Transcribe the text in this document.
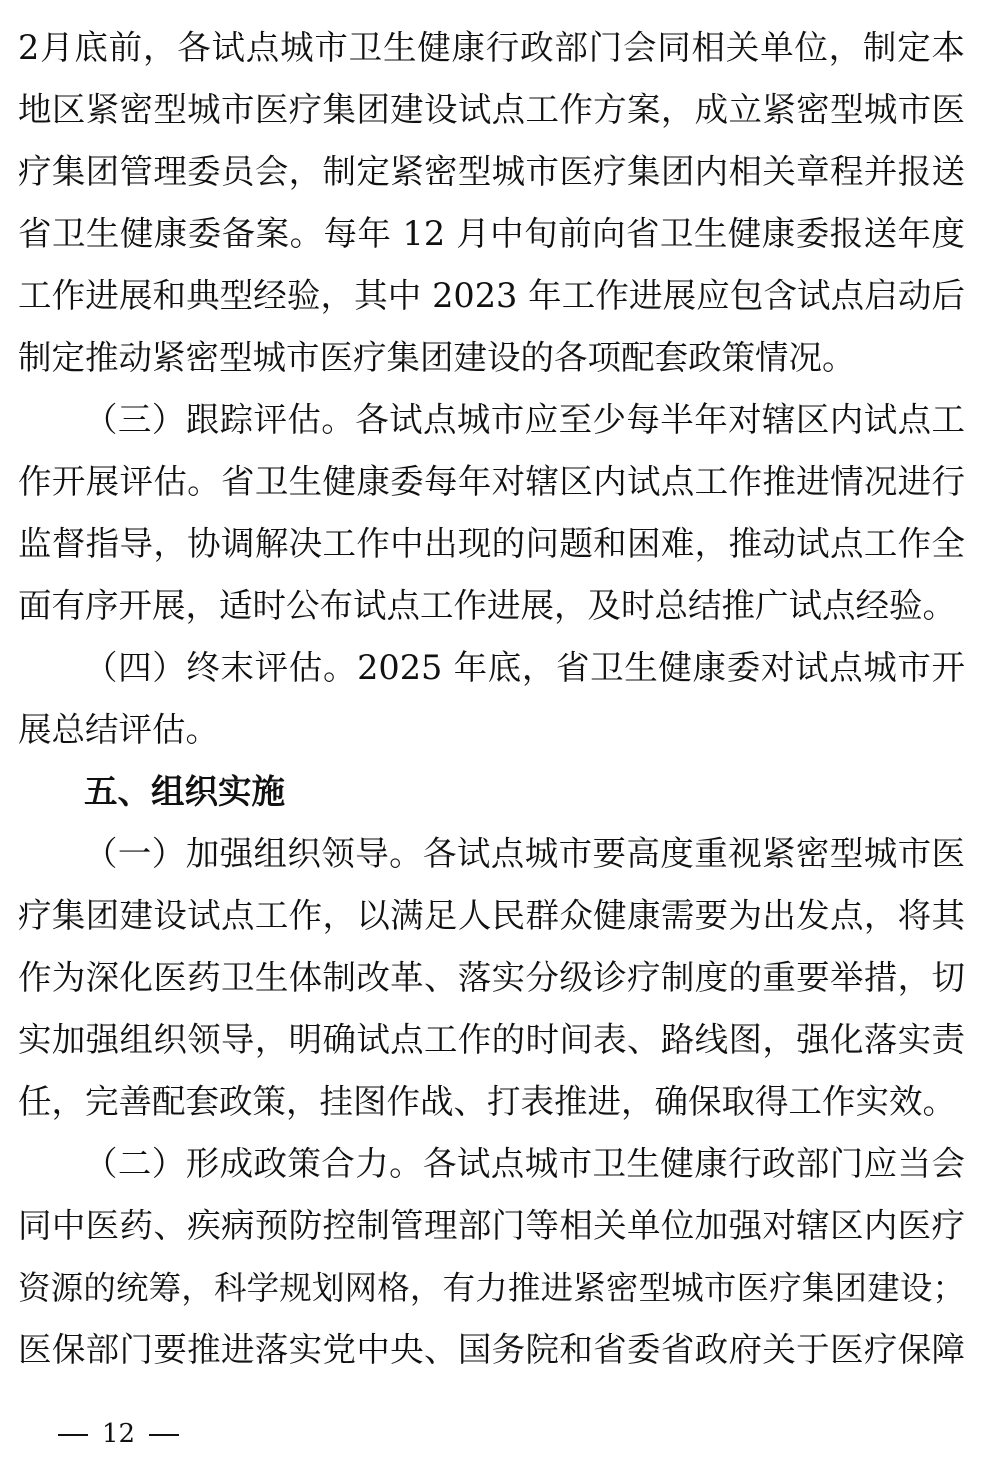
2月底前，各试点城市卫生健康行政部门会同相关单位，制定本
地区紧密型城市医疗集团建设试点工作方案，成立紧密型城市医
疗集团管理委员会，制定紧密型城市医疗集团内相关章程并报送
省卫生健康委备案。每年 12 月中旬前向省卫生健康委报送年度
工作进展和典型经验，其中 2023 年工作进展应包含试点启动后
制定推动紧密型城市医疗集团建设的各项配套政策情况。
（三）跟踪评估。各试点城市应至少每半年对辖区内试点工
作开展评估。省卫生健康委每年对辖区内试点工作推进情况进行
监督指导，协调解决工作中出现的问题和困难，推动试点工作全
面有序开展，适时公布试点工作进展，及时总结推广试点经验。
（四）终末评估。2025 年底，省卫生健康委对试点城市开
展总结评估。
五、组织实施
（一）加强组织领导。各试点城市要高度重视紧密型城市医
疗集团建设试点工作，以满足人民群众健康需要为出发点，将其
作为深化医药卫生体制改革、落实分级诊疗制度的重要举措，切
实加强组织领导，明确试点工作的时间表、路线图，强化落实责
任，完善配套政策，挂图作战、打表推进，确保取得工作实效。
（二）形成政策合力。各试点城市卫生健康行政部门应当会
同中医药、疾病预防控制管理部门等相关单位加强对辖区内医疗
资源的统筹，科学规划网格，有力推进紧密型城市医疗集团建设；
医保部门要推进落实党中央、国务院和省委省政府关于医疗保障
12
